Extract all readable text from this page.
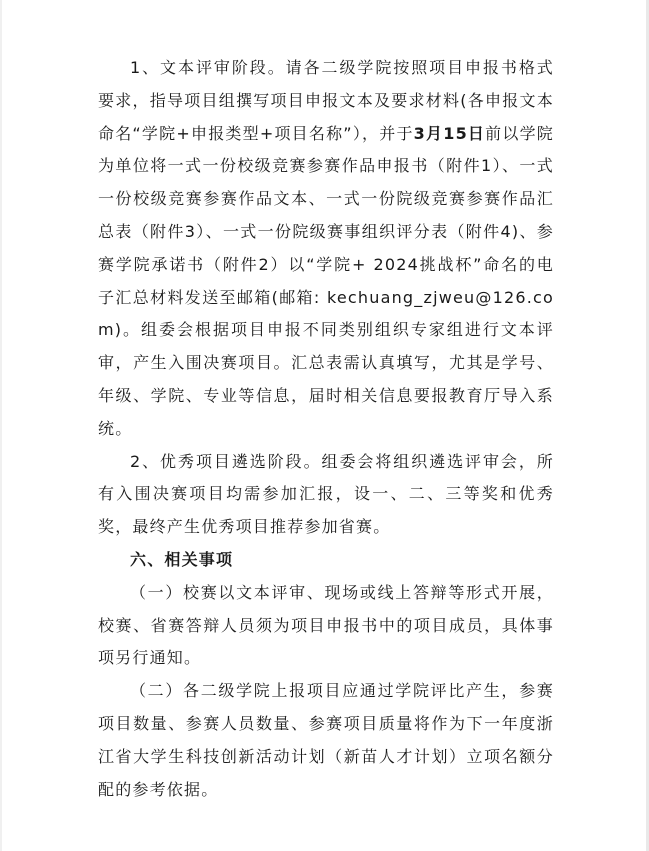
1、文本评审阶段。请各二级学院按照项目申报书格式要求，指导项目组撰写项目申报文本及要求材料(各申报文本命名“学院+申报类型+项目名称”），并于3月15日前以学院为单位将一式一份校级竞赛参赛作品申报书（附件1）、一式一份校级竞赛参赛作品文本、一式一份院级竞赛参赛作品汇总表（附件3）、一式一份院级赛事组织评分表（附件4)、参赛学院承诺书（附件2）以“学院+ 2024挑战杯”命名的电子汇总材料发送至邮箱(邮箱: kechuang_zjweu@126.com)。组委会根据项目申报不同类别组织专家组进行文本评审，产生入围决赛项目。汇总表需认真填写，尤其是学号、年级、学院、专业等信息，届时相关信息要报教育厅导入系统。

2、优秀项目遴选阶段。组委会将组织遴选评审会，所有入围决赛项目均需参加汇报，设一、二、三等奖和优秀奖，最终产生优秀项目推荐参加省赛。

六、相关事项

（一）校赛以文本评审、现场或线上答辩等形式开展，校赛、省赛答辩人员须为项目申报书中的项目成员，具体事项另行通知。

（二）各二级学院上报项目应通过学院评比产生，参赛项目数量、参赛人员数量、参赛项目质量将作为下一年度浙江省大学生科技创新活动计划（新苗人才计划）立项名额分配的参考依据。
